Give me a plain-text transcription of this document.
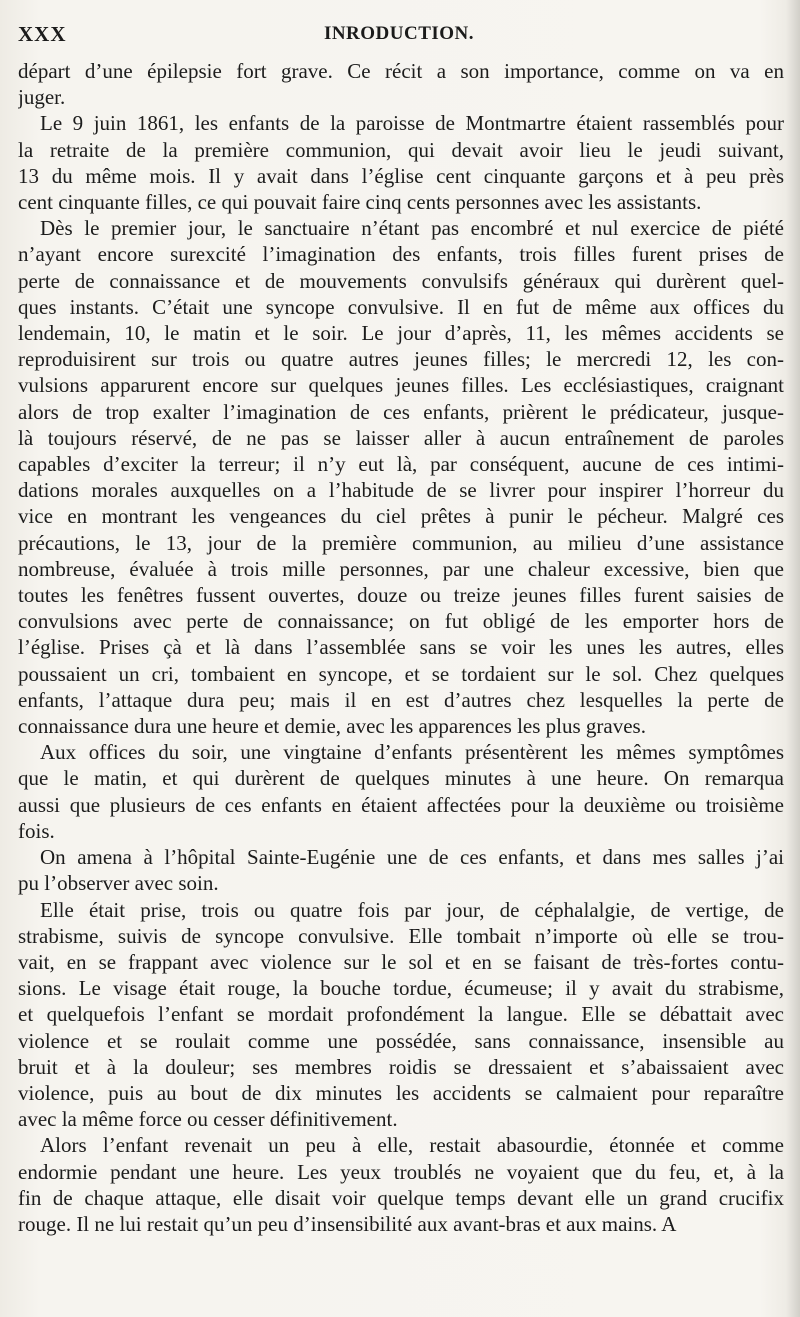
XXX	INRODUCTION.
départ d’une épilepsie fort grave. Ce récit a son importance, comme on va en
juger.
Le 9 juin 1861, les enfants de la paroisse de Montmartre étaient rassemblés pour
la retraite de la première communion, qui devait avoir lieu le jeudi suivant,
13 du même mois. Il y avait dans l’église cent cinquante garçons et à peu près
cent cinquante filles, ce qui pouvait faire cinq cents personnes avec les assistants.
Dès le premier jour, le sanctuaire n’étant pas encombré et nul exercice de piété
n’ayant encore surexcité l’imagination des enfants, trois filles furent prises de
perte de connaissance et de mouvements convulsifs généraux qui durèrent quel-
ques instants. C’était une syncope convulsive. Il en fut de même aux offices du
lendemain, 10, le matin et le soir. Le jour d’après, 11, les mêmes accidents se
reproduisirent sur trois ou quatre autres jeunes filles; le mercredi 12, les con-
vulsions apparurent encore sur quelques jeunes filles. Les ecclésiastiques, craignant
alors de trop exalter l’imagination de ces enfants, prièrent le prédicateur, jusque-
là toujours réservé, de ne pas se laisser aller à aucun entraînement de paroles
capables d’exciter la terreur; il n’y eut là, par conséquent, aucune de ces intimi-
dations morales auxquelles on a l’habitude de se livrer pour inspirer l’horreur du
vice en montrant les vengeances du ciel prêtes à punir le pécheur. Malgré ces
précautions, le 13, jour de la première communion, au milieu d’une assistance
nombreuse, évaluée à trois mille personnes, par une chaleur excessive, bien que
toutes les fenêtres fussent ouvertes, douze ou treize jeunes filles furent saisies de
convulsions avec perte de connaissance; on fut obligé de les emporter hors de
l’église. Prises çà et là dans l’assemblée sans se voir les unes les autres, elles
poussaient un cri, tombaient en syncope, et se tordaient sur le sol. Chez quelques
enfants, l’attaque dura peu; mais il en est d’autres chez lesquelles la perte de
connaissance dura une heure et demie, avec les apparences les plus graves.
Aux offices du soir, une vingtaine d’enfants présentèrent les mêmes symptômes
que le matin, et qui durèrent de quelques minutes à une heure. On remarqua
aussi que plusieurs de ces enfants en étaient affectées pour la deuxième ou troisième
fois.
On amena à l’hôpital Sainte-Eugénie une de ces enfants, et dans mes salles j’ai
pu l’observer avec soin.
Elle était prise, trois ou quatre fois par jour, de céphalalgie, de vertige, de
strabisme, suivis de syncope convulsive. Elle tombait n’importe où elle se trou-
vait, en se frappant avec violence sur le sol et en se faisant de très-fortes contu-
sions. Le visage était rouge, la bouche tordue, écumeuse; il y avait du strabisme,
et quelquefois l’enfant se mordait profondément la langue. Elle se débattait avec
violence et se roulait comme une possédée, sans connaissance, insensible au
bruit et à la douleur; ses membres roidis se dressaient et s’abaissaient avec
violence, puis au bout de dix minutes les accidents se calmaient pour reparaître
avec la même force ou cesser définitivement.
Alors l’enfant revenait un peu à elle, restait abasourdie, étonnée et comme
endormie pendant une heure. Les yeux troublés ne voyaient que du feu, et, à la
fin de chaque attaque, elle disait voir quelque temps devant elle un grand crucifix
rouge. Il ne lui restait qu’un peu d’insensibilité aux avant-bras et aux mains. A
